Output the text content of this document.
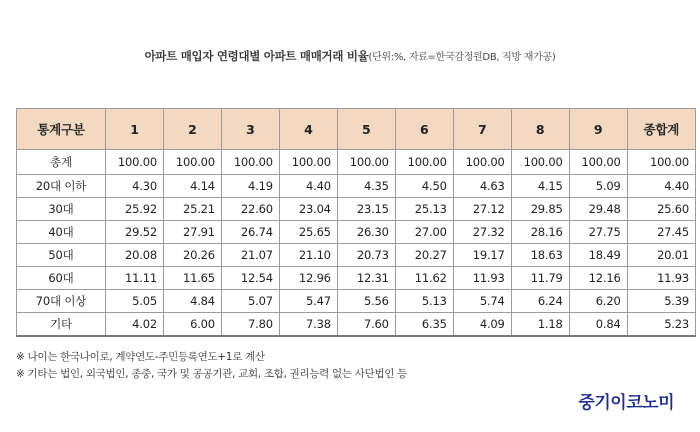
아파트 매입자 연령대별 아파트 매매거래 비율(단위:%, 자료=한국감정원DB, 직방 재가공)
통계구분	1	2	3	4	5	6	7	8	9	종합계
총계	100.00	100.00	100.00	100.00	100.00	100.00	100.00	100.00	100.00	100.00
20대 이하	4.30	4.14	4.19	4.40	4.35	4.50	4.63	4.15	5.09	4.40
30대	25.92	25.21	22.60	23.04	23.15	25.13	27.12	29.85	29.48	25.60
40대	29.52	27.91	26.74	25.65	26.30	27.00	27.32	28.16	27.75	27.45
50대	20.08	20.26	21.07	21.10	20.73	20.27	19.17	18.63	18.49	20.01
60대	11.11	11.65	12.54	12.96	12.31	11.62	11.93	11.79	12.16	11.93
70대 이상	5.05	4.84	5.07	5.47	5.56	5.13	5.74	6.24	6.20	5.39
기타	4.02	6.00	7.80	7.38	7.60	6.35	4.09	1.18	0.84	5.23
※ 나이는 한국나이로, 계약연도-주민등록연도+1로 계산
※ 기타는 법인, 외국법인, 종중, 국가 및 공공기관, 교회, 조합, 권리능력 없는 사단법인 등
중기이코노미
